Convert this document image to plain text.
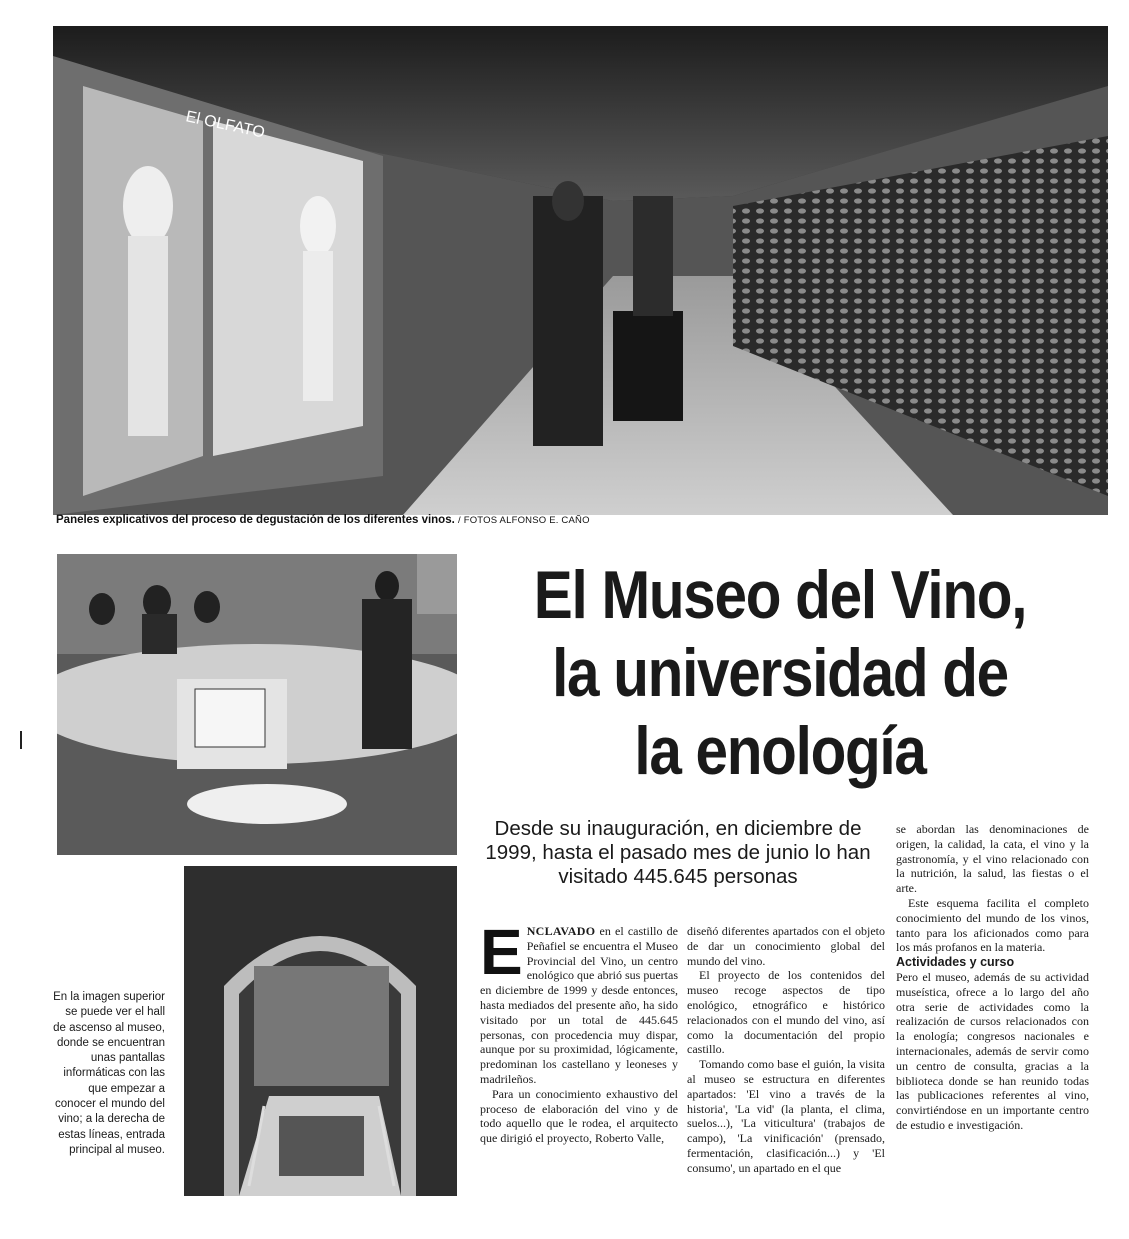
El OLFATO
Paneles explicativos del proceso de degustación de los diferentes vinos. / FOTOS ALFONSO E. CAÑO
El Museo del Vino,
la universidad de
la enología
Desde su inauguración, en diciembre de 1999, hasta el pasado mes de junio lo han visitado 445.645 personas
En la imagen superior se puede ver el hall de ascenso al museo, donde se encuentran unas pantallas informáticas con las que empezar a conocer el mundo del vino; a la derecha de estas líneas, entrada principal al museo.

ENCLAVADO en el castillo de Peñafiel se encuentra el Museo Provincial del Vino, un centro enológico que abrió sus puertas en diciembre de 1999 y desde entonces, hasta mediados del presente año, ha sido visitado por un total de 445.645 personas, con procedencia muy dispar, aunque por su proximidad, lógicamente, predominan los castellano y leoneses y madrileños.

Para un conocimiento exhaustivo del proceso de elaboración del vino y de todo aquello que le rodea, el arquitecto que dirigió el proyecto, Roberto Valle,

diseñó diferentes apartados con el objeto de dar un conocimiento global del mundo del vino.

El proyecto de los contenidos del museo recoge aspectos de tipo enológico, etnográfico e histórico relacionados con el mundo del vino, así como la documentación del propio castillo.

Tomando como base el guión, la visita al museo se estructura en diferentes apartados: 'El vino a través de la historia', 'La vid' (la planta, el clima, suelos...), 'La viticultura' (trabajos de campo), 'La vinificación' (prensado, fermentación, clasificación...) y 'El consumo', un apartado en el que

se abordan las denominaciones de origen, la calidad, la cata, el vino y la gastronomía, y el vino relacionado con la nutrición, la salud, las fiestas o el arte.

Este esquema facilita el completo conocimiento del mundo de los vinos, tanto para los aficionados como para los más profanos en la materia.

Actividades y curso

Pero el museo, además de su actividad museística, ofrece a lo largo del año otra serie de actividades como la realización de cursos relacionados con la enología; congresos nacionales e internacionales, además de servir como un centro de consulta, gracias a la biblioteca donde se han reunido todas las publicaciones referentes al vino, convirtiéndose en un importante centro de estudio e investigación.
